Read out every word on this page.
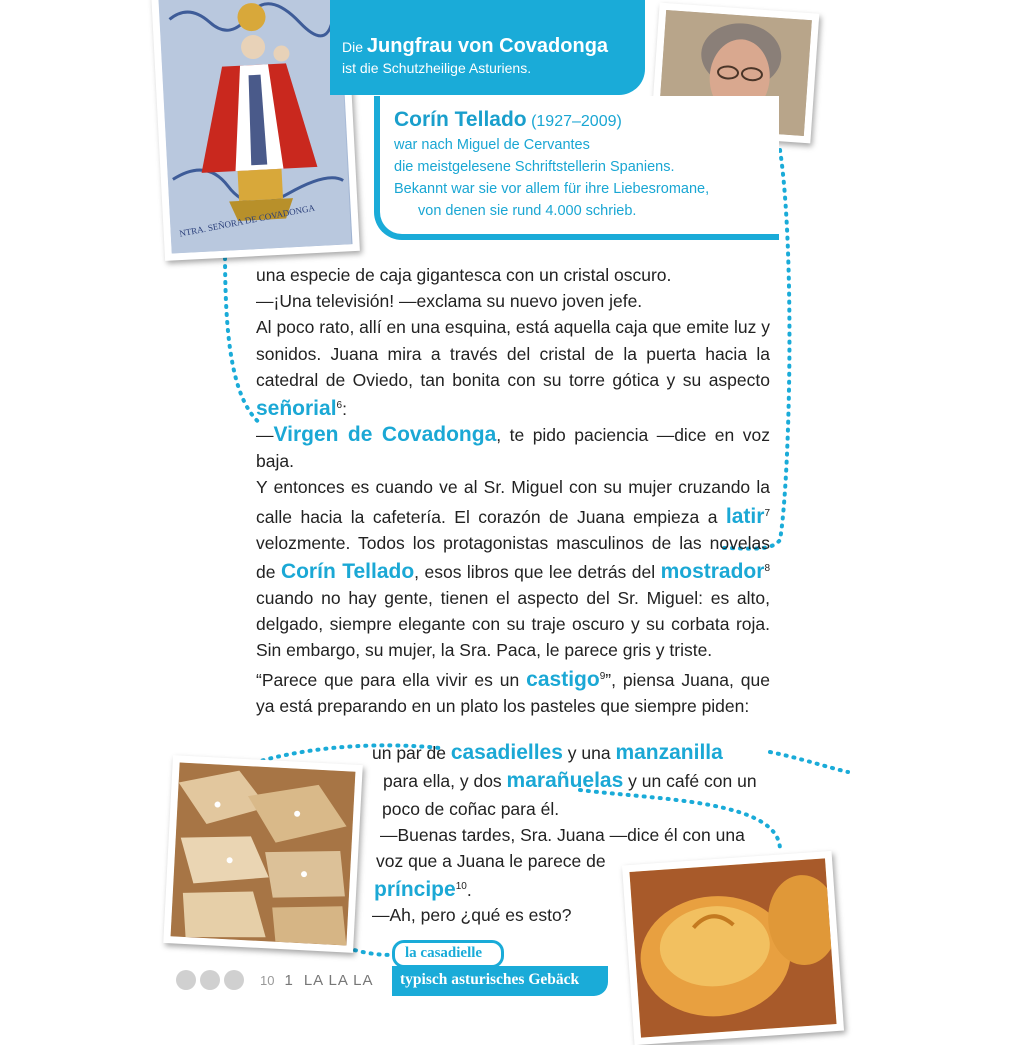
NTRA. SEÑORA DE COVADONGA
Die Jungfrau von Covadonga
ist die Schutzheilige Asturiens.
Corín Tellado (1927–2009)
war nach Miguel de Cervantes
die meistgelesene Schriftstellerin Spaniens.
Bekannt war sie vor allem für ihre Liebesromane,
von denen sie rund 4.000 schrieb.
una especie de caja gigantesca con un cristal oscuro.
—¡Una televisión! —exclama su nuevo joven jefe.
Al poco rato, allí en una esquina, está aquella caja que emite luz y sonidos. Juana mira a través del cristal de la puerta hacia la catedral de Oviedo, tan bonita con su torre gótica y su aspecto señorial$^6$:
—Virgen de Covadonga, te pido paciencia —dice en voz baja.
Y entonces es cuando ve al Sr. Miguel con su mujer cruzando la calle hacia la cafetería. El corazón de Juana empieza a latir$^7$ velozmente. Todos los protagonistas masculinos de las novelas de Corín Tellado, esos libros que lee detrás del mostrador$^8$ cuando no hay gente, tienen el aspecto del Sr. Miguel: es alto, delgado, siempre elegante con su traje oscuro y su corbata roja. Sin embargo, su mujer, la Sra. Paca, le parece gris y triste.
“Parece que para ella vivir es un castigo$^9$”, piensa Juana, que ya está preparando en un plato los pasteles que siempre piden:
un par de casadielles y una manzanilla
para ella, y dos marañuelas y un café con un
poco de coñac para él.
—Buenas tardes, Sra. Juana —dice él con una
voz que a Juana le parece de
príncipe$^{10}$.
—Ah, pero ¿qué es esto?
la casadielle
typisch asturisches Gebäck
10 1 LA LA LA
